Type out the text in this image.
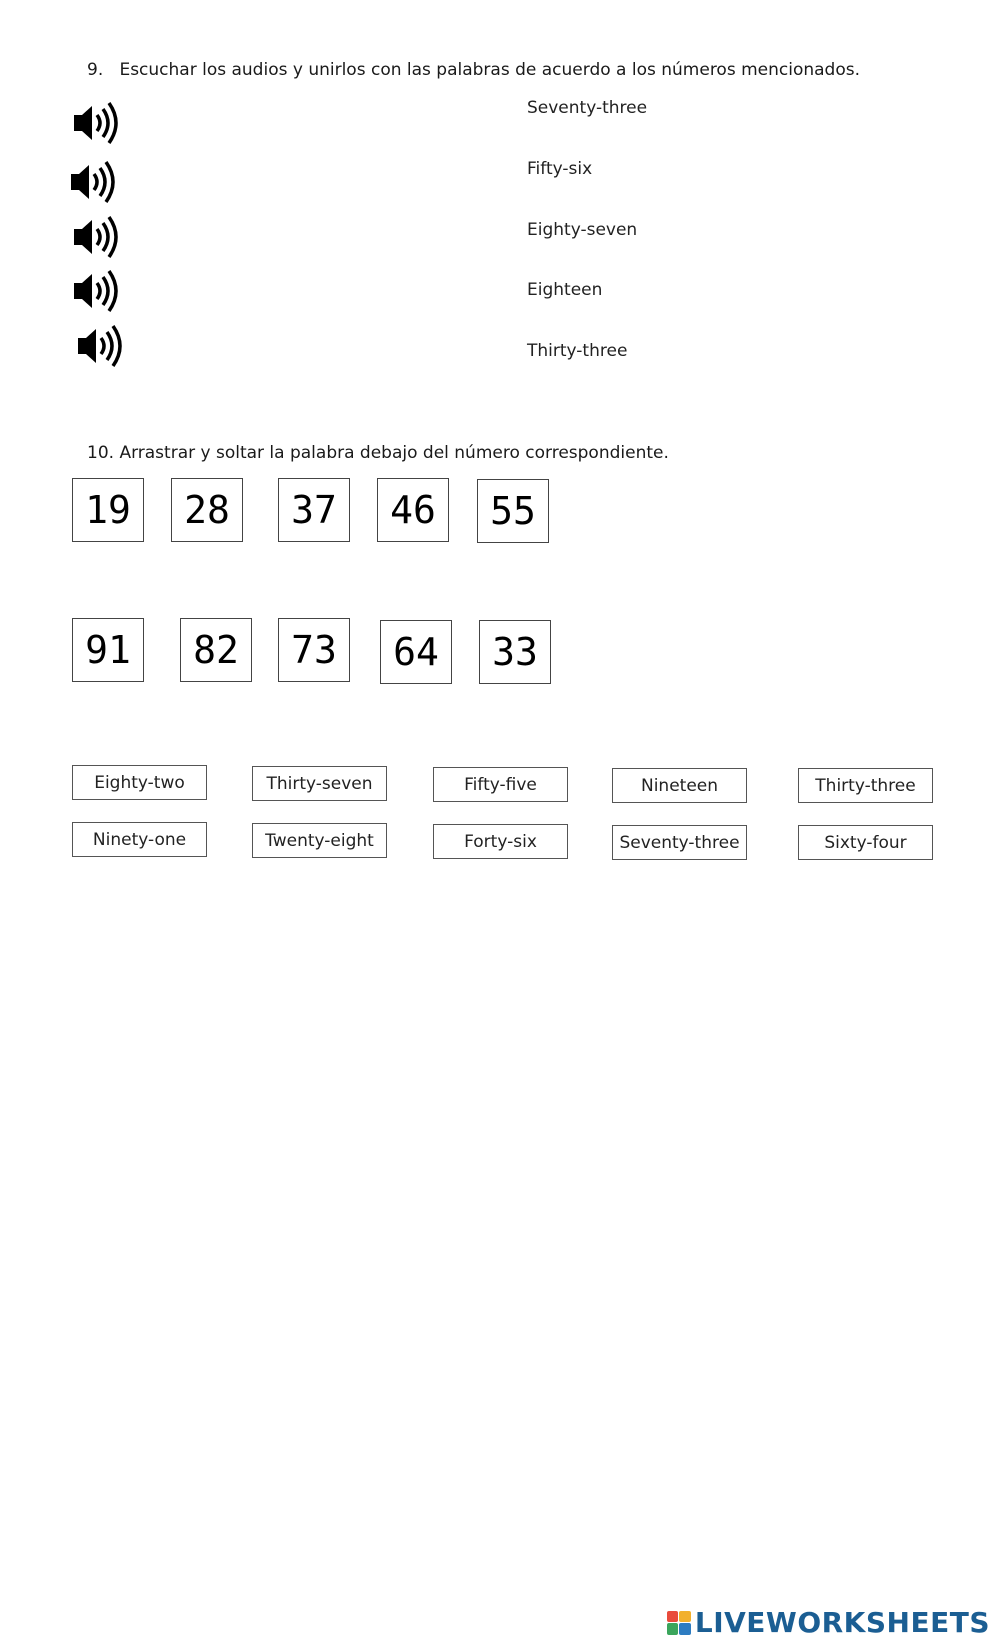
9. Escuchar los audios y unirlos con las palabras de acuerdo a los números mencionados.
Seventy-three
Fifty-six
Eighty-seven
Eighteen
Thirty-three
10. Arrastrar y soltar la palabra debajo del número correspondiente.
19	28	37	46	55
91	82	73	64	33
Eighty-two	Thirty-seven	Fifty-five	Nineteen	Thirty-three
Ninety-one	Twenty-eight	Forty-six	Seventy-three	Sixty-four
LIVEWORKSHEETS
